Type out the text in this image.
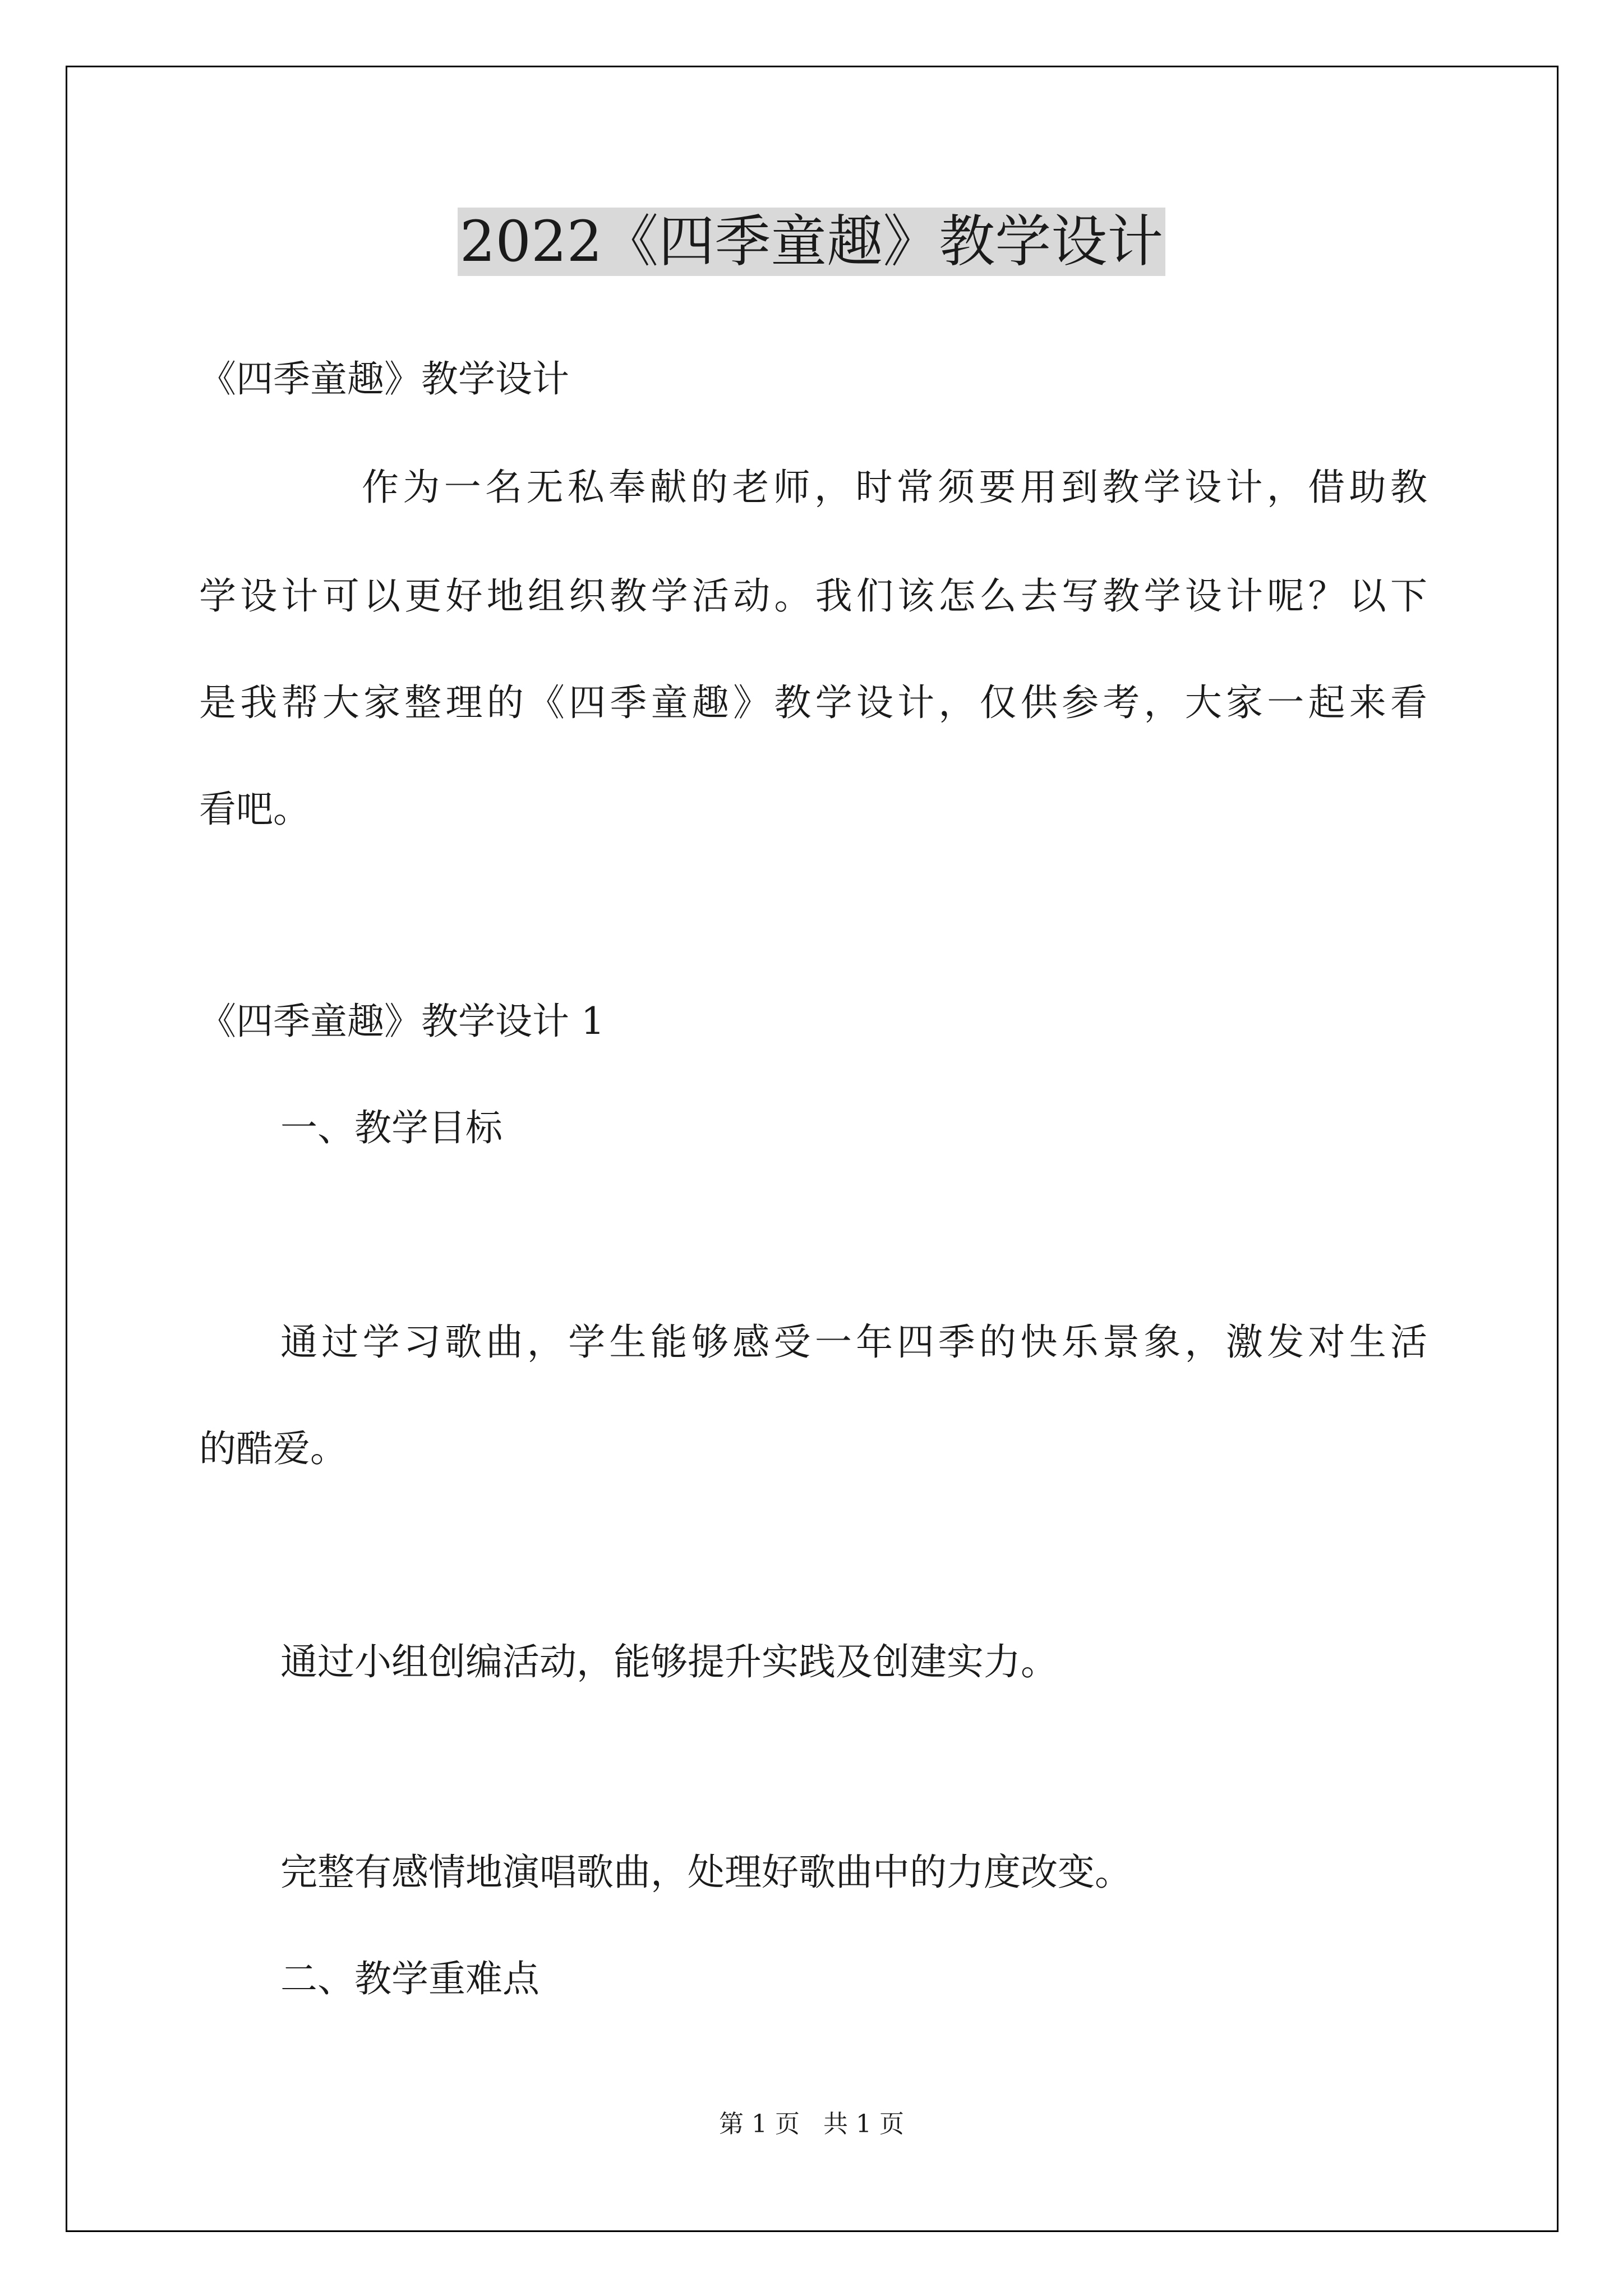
2022《四季童趣》教学设计

《四季童趣》教学设计

作为一名无私奉献的老师，时常须要用到教学设计，借助教

学设计可以更好地组织教学活动。我们该怎么去写教学设计呢？以下

是我帮大家整理的《四季童趣》教学设计，仅供参考，大家一起来看

看吧。

《四季童趣》教学设计 1

一、教学目标

通过学习歌曲，学生能够感受一年四季的快乐景象，激发对生活

的酷爱。

通过小组创编活动，能够提升实践及创建实力。

完整有感情地演唱歌曲，处理好歌曲中的力度改变。

二、教学重难点

第 1 页 共 1 页
